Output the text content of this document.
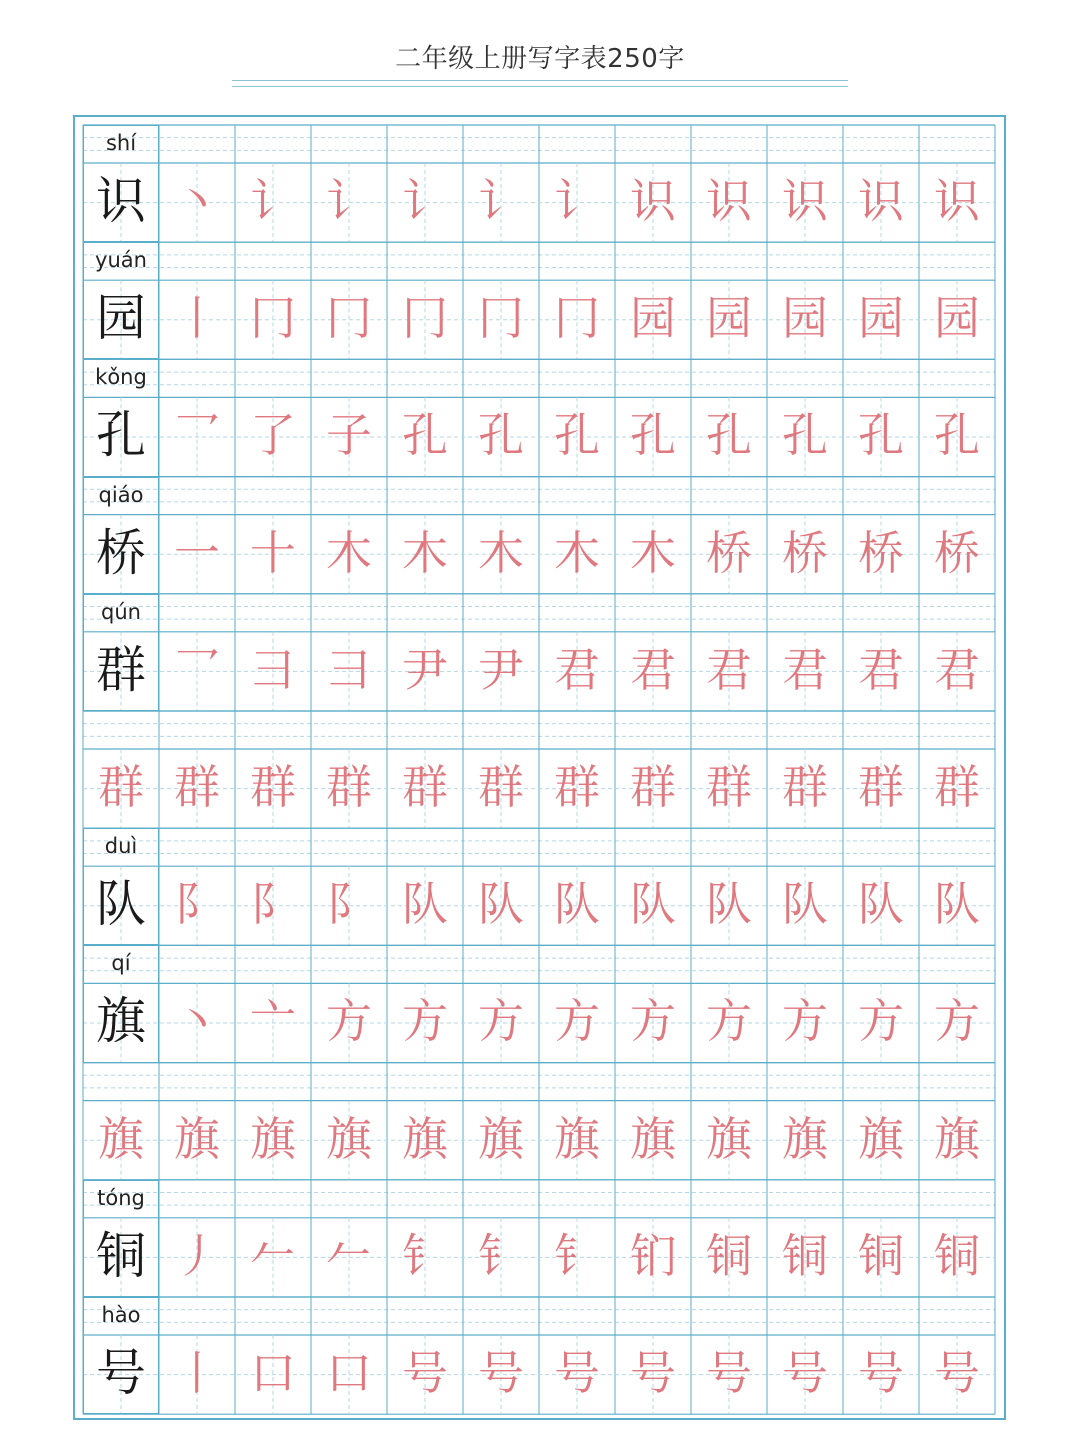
二年级上册写字表250字
shí
识 丶 讠 讠 讠 讠 讠 识 识 识 识 识
yuán
园 丨 冂 冂 冂 冂 冂 园 园 园 园 园
kǒng
孔 乛 了 子 孔 孔 孔 孔 孔 孔 孔 孔
qiáo
桥 一 十 木 木 木 木 木 桥 桥 桥 桥
qún
群 乛 彐 彐 尹 尹 君 君 君 君 君 君
群 群 群 群 群 群 群 群 群 群 群 群
duì
队 阝 阝 阝 队 队 队 队 队 队 队 队
qí
旗 丶 亠 方 方 方 方 方 方 方 方 方
旗 旗 旗 旗 旗 旗 旗 旗 旗 旗 旗 旗
tóng
铜 丿 𠂉 𠂉 钅 钅 钅 钔 铜 铜 铜 铜
hào
号 丨 口 口 号 号 号 号 号 号 号 号
